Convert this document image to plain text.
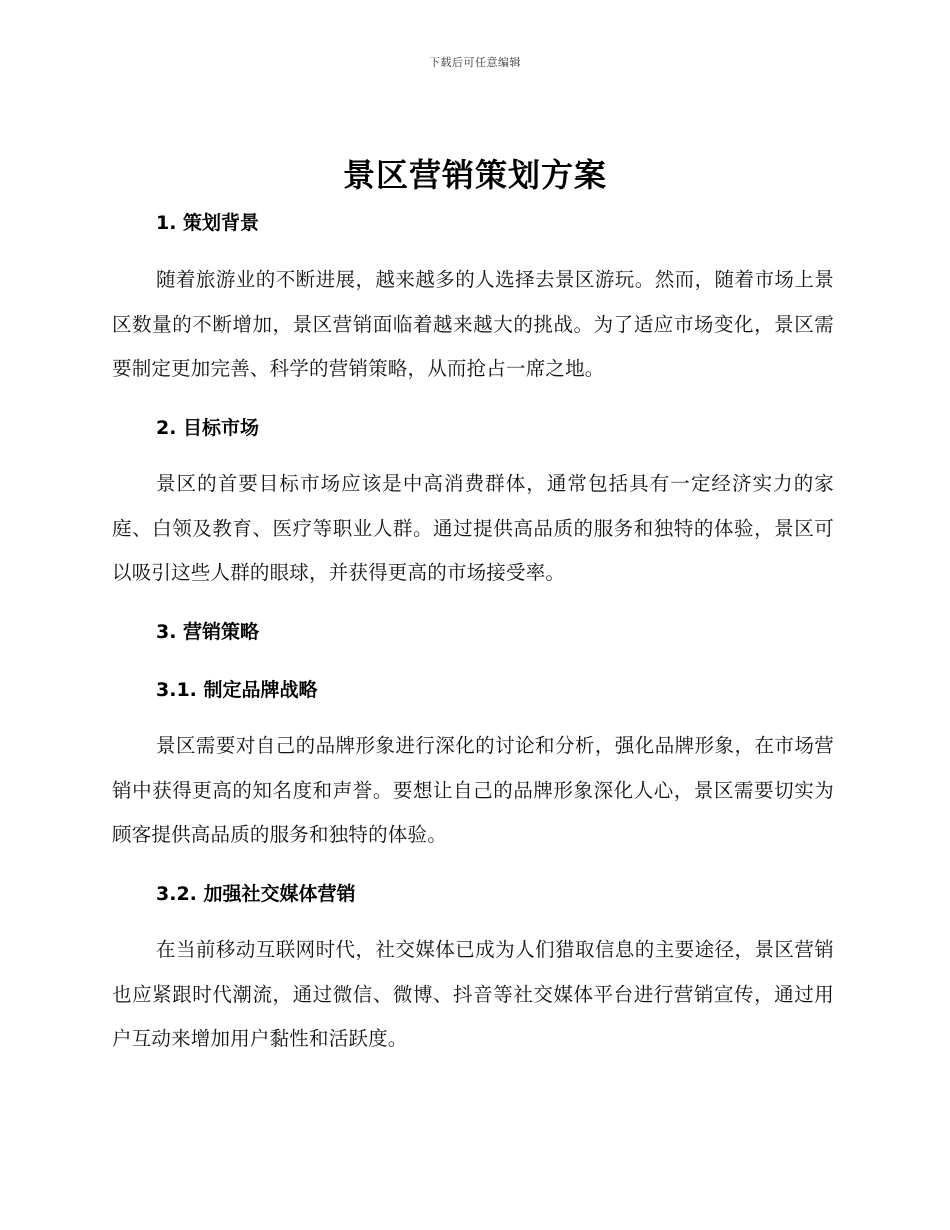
下载后可任意编辑
景区营销策划方案
1. 策划背景
随着旅游业的不断进展，越来越多的人选择去景区游玩。然而，随着市场上景区数量的不断增加，景区营销面临着越来越大的挑战。为了适应市场变化，景区需要制定更加完善、科学的营销策略，从而抢占一席之地。
2. 目标市场
景区的首要目标市场应该是中高消费群体，通常包括具有一定经济实力的家庭、白领及教育、医疗等职业人群。通过提供高品质的服务和独特的体验，景区可以吸引这些人群的眼球，并获得更高的市场接受率。
3. 营销策略
3.1. 制定品牌战略
景区需要对自己的品牌形象进行深化的讨论和分析，强化品牌形象，在市场营销中获得更高的知名度和声誉。要想让自己的品牌形象深化人心，景区需要切实为顾客提供高品质的服务和独特的体验。
3.2. 加强社交媒体营销
在当前移动互联网时代，社交媒体已成为人们猎取信息的主要途径，景区营销也应紧跟时代潮流，通过微信、微博、抖音等社交媒体平台进行营销宣传，通过用户互动来增加用户黏性和活跃度。
